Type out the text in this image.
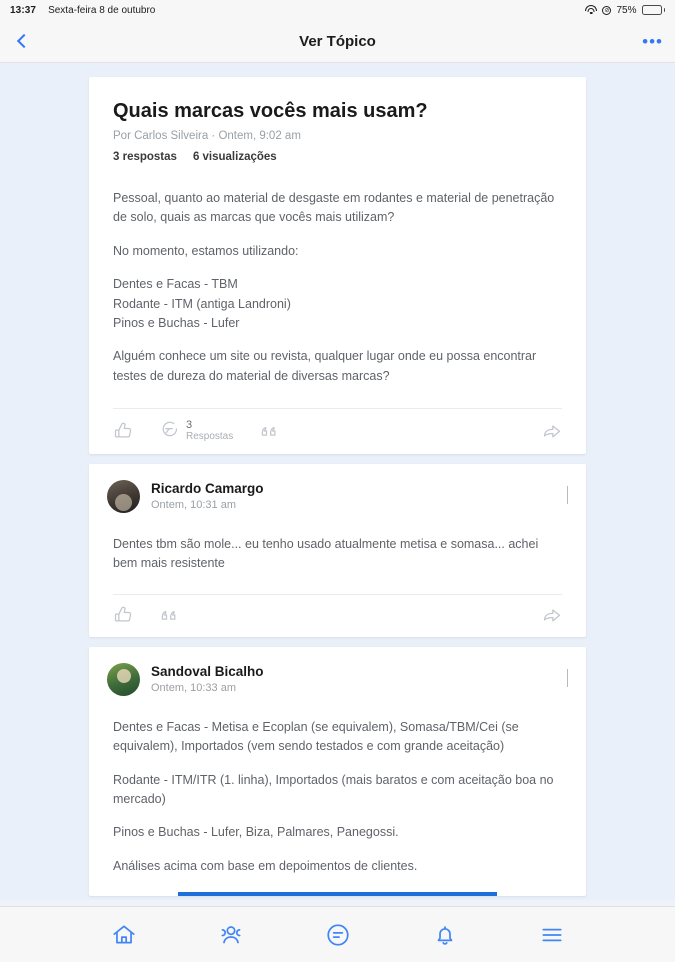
13:37 Sexta-feira 8 de outubro	⊘ 75%
Ver Tópico	•••
Quais marcas vocês mais usam?
Por Carlos Silveira · Ontem, 9:02 am
3 respostas 6 visualizações

Pessoal, quanto ao material de desgaste em rodantes e material de penetração de solo, quais as marcas que vocês mais utilizam?

No momento, estamos utilizando:

Dentes e Facas - TBM
Rodante - ITM (antiga Landroni)
Pinos e Buchas - Lufer

Alguém conhece um site ou revista, qualquer lugar onde eu possa encontrar testes de dureza do material de diversas marcas?

3
Respostas
Ricardo Camargo
Ontem, 10:31 am

Dentes tbm são mole... eu tenho usado atualmente metisa e somasa... achei bem mais resistente

Sandoval Bicalho
Ontem, 10:33 am

Dentes e Facas - Metisa e Ecoplan (se equivalem), Somasa/TBM/Cei (se equivalem), Importados (vem sendo testados e com grande aceitação)

Rodante - ITM/ITR (1. linha), Importados (mais baratos e com aceitação boa no mercado)

Pinos e Buchas - Lufer, Biza, Palmares, Panegossi.

Análises acima com base em depoimentos de clientes.
